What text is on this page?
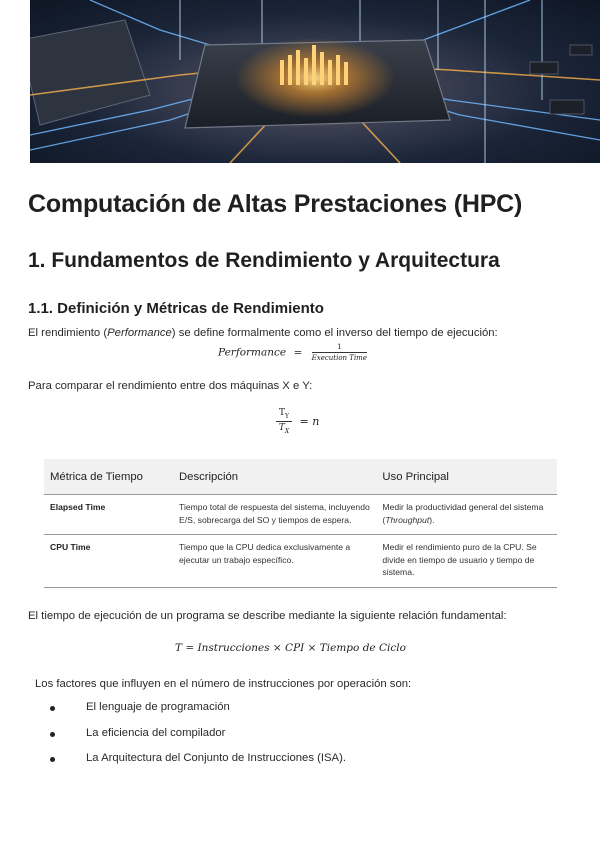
Computación de Altas Prestaciones (HPC)
1. Fundamentos de Rendimiento y Arquitectura
1.1. Definición y Métricas de Rendimiento

El rendimiento (Performance) se define formalmente como el inverso del tiempo de ejecución:

Performance = $\frac{1}{\text{Execution Time}}$

Para comparar el rendimiento entre dos máquinas X e Y:

$\frac{T_Y}{T_X} = n$
Métrica de Tiempo	Descripción	Uso Principal
Elapsed Time	Tiempo total de respuesta del sistema, incluyendo E/S, sobrecarga del SO y tiempos de espera.	Medir la productividad general del sistema (Throughput).
CPU Time	Tiempo que la CPU dedica exclusivamente a ejecutar un trabajo específico.	Medir el rendimiento puro de la CPU. Se divide en tiempo de usuario y tiempo de sistema.

El tiempo de ejecución de un programa se describe mediante la siguiente relación fundamental:

T = Instrucciones × CPI × Tiempo de Ciclo

Los factores que influyen en el número de instrucciones por operación son:

El lenguaje de programación
La eficiencia del compilador
La Arquitectura del Conjunto de Instrucciones (ISA).
